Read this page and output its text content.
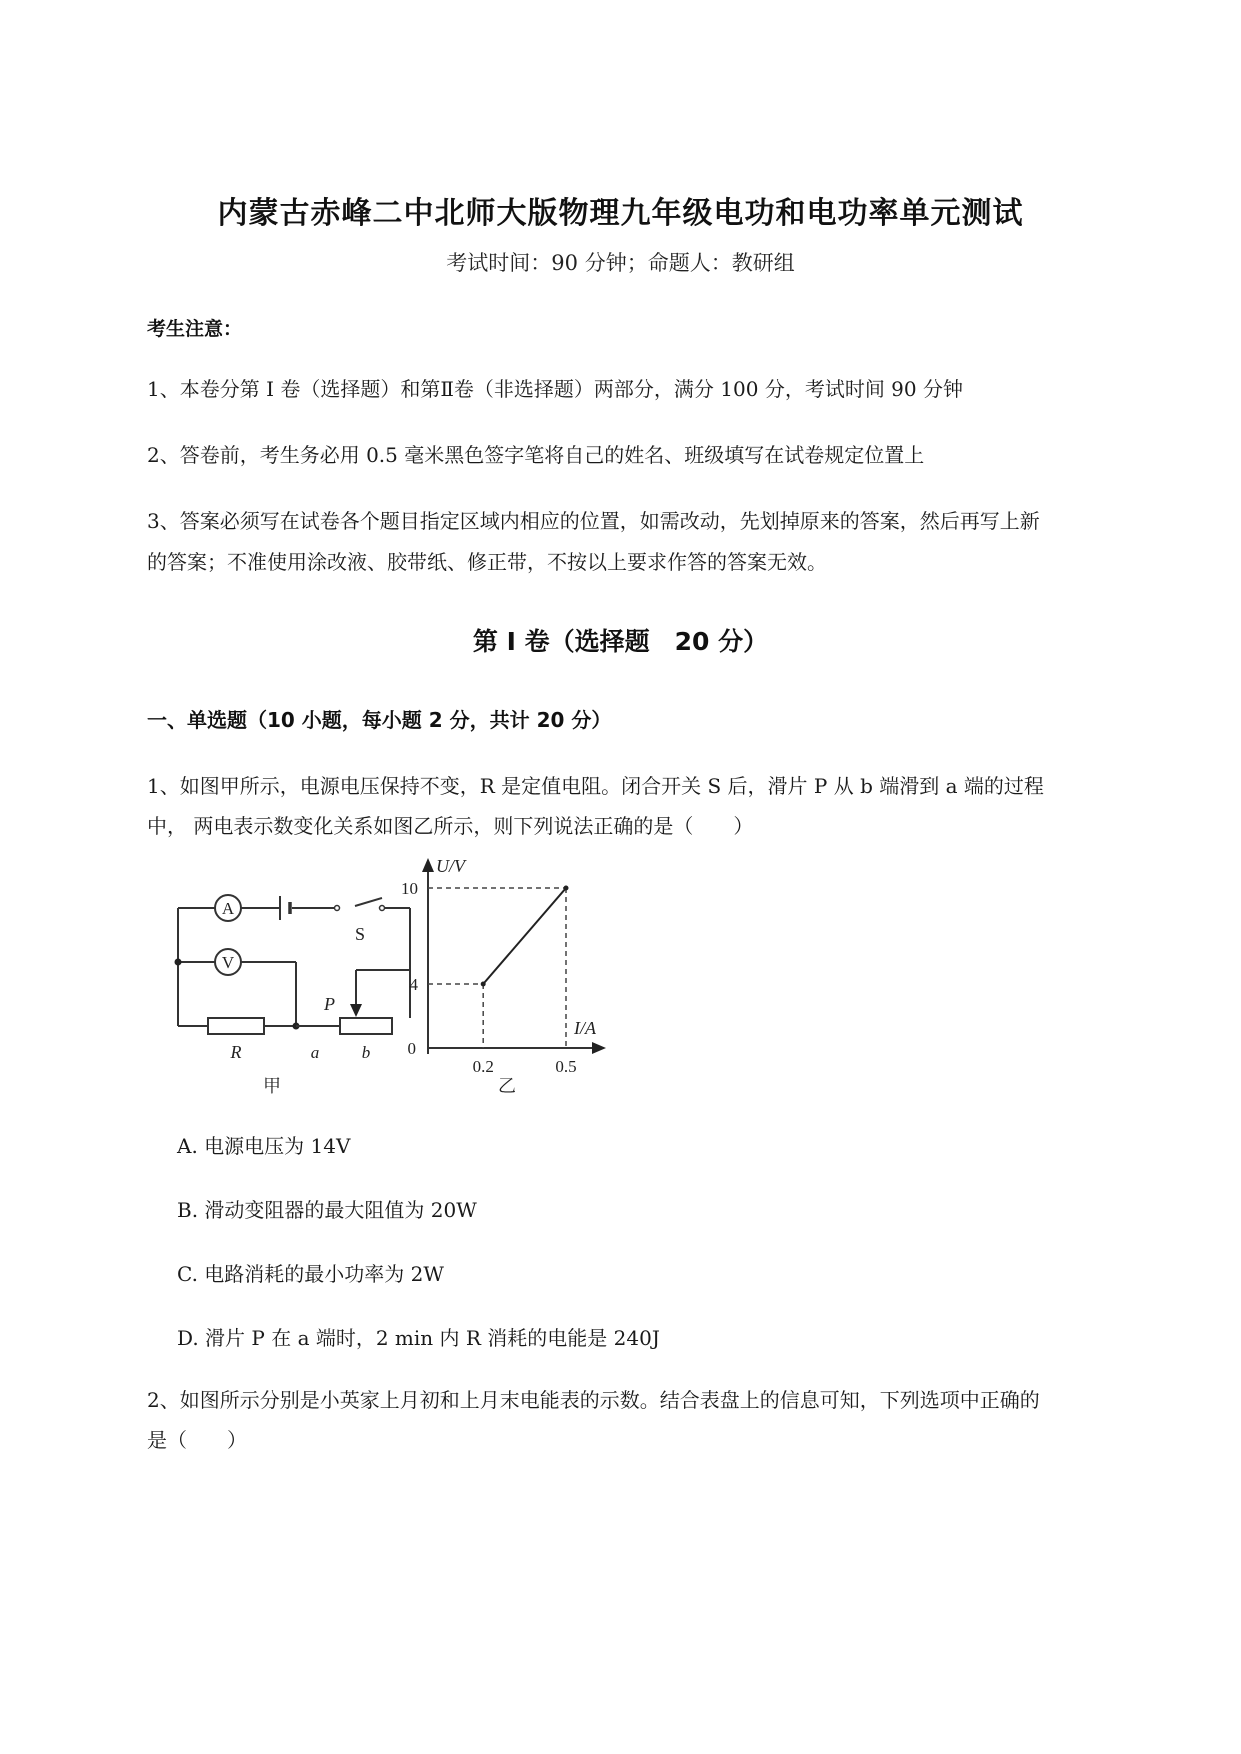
内蒙古赤峰二中北师大版物理九年级电功和电功率单元测试
考试时间：90 分钟；命题人：教研组
考生注意：
1、本卷分第 I 卷（选择题）和第Ⅱ卷（非选择题）两部分，满分 100 分，考试时间 90 分钟
2、答卷前，考生务必用 0.5 毫米黑色签字笔将自己的姓名、班级填写在试卷规定位置上
3、答案必须写在试卷各个题目指定区域内相应的位置，如需改动，先划掉原来的答案，然后再写上新
的答案；不准使用涂改液、胶带纸、修正带，不按以上要求作答的答案无效。
第 I 卷（选择题　20 分）
一、单选题（10 小题，每小题 2 分，共计 20 分）
1、如图甲所示，电源电压保持不变，R 是定值电阻。闭合开关 S 后，滑片 P 从 b 端滑到 a 端的过程
中， 两电表示数变化关系如图乙所示，则下列说法正确的是（　　）
A
S
V
R
P
a	b
甲
U/V
I/A
0
10
4
0.2	0.5
乙
A. 电源电压为 14V
B. 滑动变阻器的最大阻值为 20W
C. 电路消耗的最小功率为 2W
D. 滑片 P 在 a 端时，2 min 内 R 消耗的电能是 240J
2、如图所示分别是小英家上月初和上月末电能表的示数。结合表盘上的信息可知，下列选项中正确的
是（　　）
